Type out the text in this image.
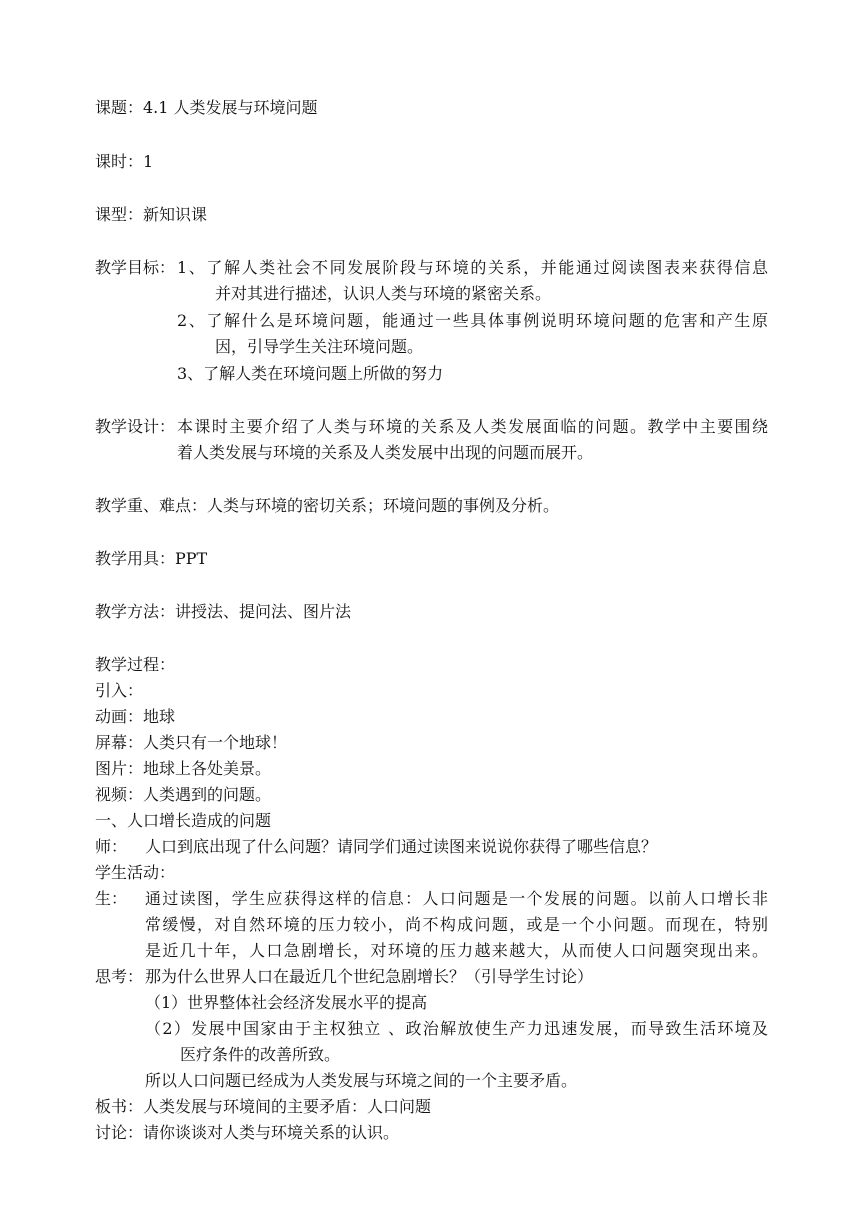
课题：4.1 人类发展与环境问题
课时：1
课型：新知识课
教学目标： 1、了解人类社会不同发展阶段与环境的关系，并能通过阅读图表来获得信息
并对其进行描述，认识人类与环境的紧密关系。
2、了解什么是环境问题，能通过一些具体事例说明环境问题的危害和产生原
因，引导学生关注环境问题。
3、了解人类在环境问题上所做的努力
教学设计： 本课时主要介绍了人类与环境的关系及人类发展面临的问题。教学中主要围绕
着人类发展与环境的关系及人类发展中出现的问题而展开。
教学重、难点：人类与环境的密切关系；环境问题的事例及分析。
教学用具：PPT
教学方法：讲授法、提问法、图片法
教学过程：
引入：
动画：地球
屏幕：人类只有一个地球！
图片：地球上各处美景。
视频：人类遇到的问题。
一、人口增长造成的问题
师： 人口到底出现了什么问题？请同学们通过读图来说说你获得了哪些信息？
学生活动：
生： 通过读图，学生应获得这样的信息：人口问题是一个发展的问题。以前人口增长非
常缓慢，对自然环境的压力较小，尚不构成问题，或是一个小问题。而现在，特别
是近几十年，人口急剧增长，对环境的压力越来越大，从而使人口问题突现出来。
思考： 那为什么世界人口在最近几个世纪急剧增长？（引导学生讨论）
（1）世界整体社会经济发展水平的提高
（2）发展中国家由于主权独立 、政治解放使生产力迅速发展，而导致生活环境及
医疗条件的改善所致。
所以人口问题已经成为人类发展与环境之间的一个主要矛盾。
板书：人类发展与环境间的主要矛盾：人口问题
讨论：请你谈谈对人类与环境关系的认识。
